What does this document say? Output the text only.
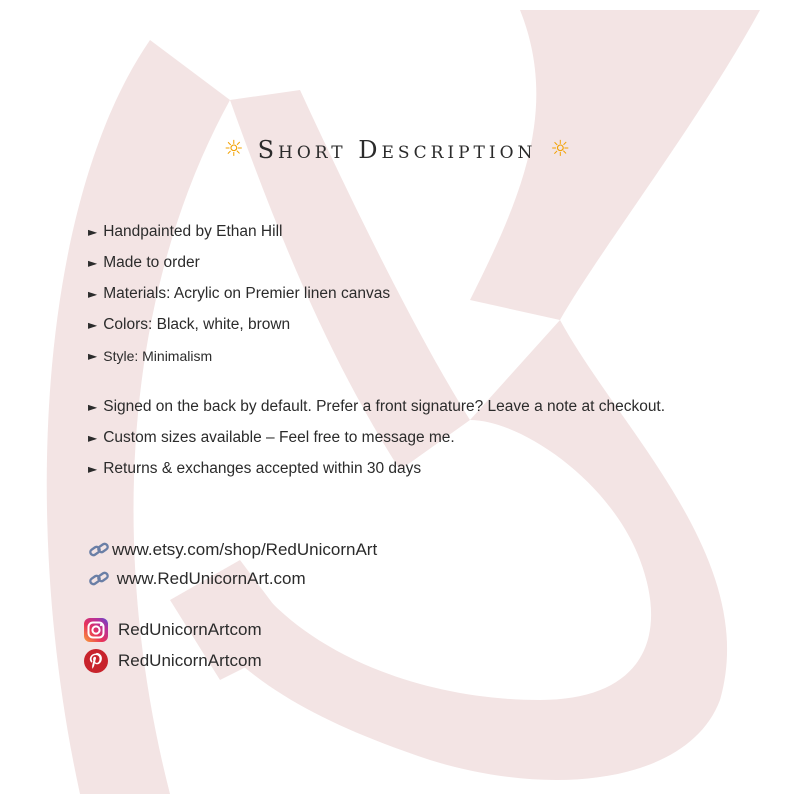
☼ Short Description ☼
► Handpainted by Ethan Hill
► Made to order
► Materials: Acrylic on Premier linen canvas
► Colors: Black, white, brown
► Style: Minimalism
► Signed on the back by default. Prefer a front signature? Leave a note at checkout.
► Custom sizes available – Feel free to message me.
► Returns & exchanges accepted within 30 days
www.etsy.com/shop/RedUnicornArt
www.RedUnicornArt.com
RedUnicornArtcom
RedUnicornArtcom
